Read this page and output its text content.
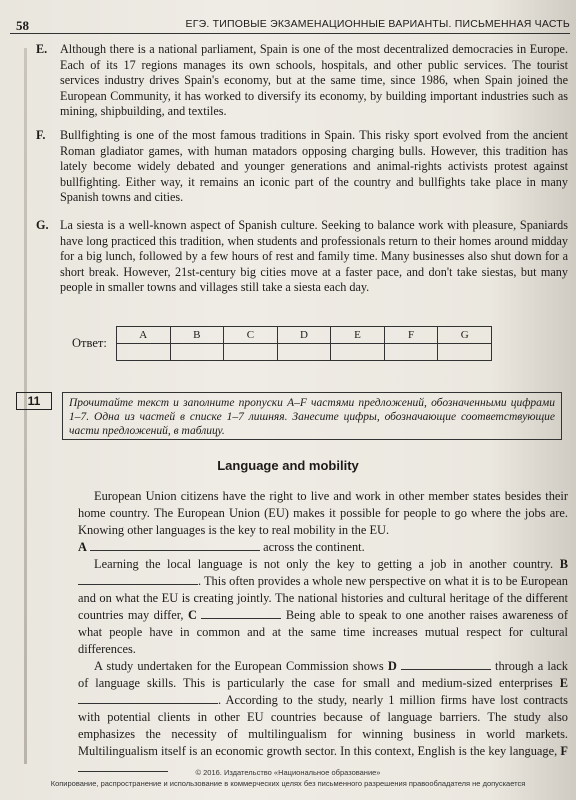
58	ЕГЭ. ТИПОВЫЕ ЭКЗАМЕНАЦИОННЫЕ ВАРИАНТЫ. ПИСЬМЕННАЯ ЧАСТЬ
E. Although there is a national parliament, Spain is one of the most decentralized democracies in Europe. Each of its 17 regions manages its own schools, hospitals, and other public services. The tourist services industry drives Spain's economy, but at the same time, since 1986, when Spain joined the European Community, it has worked to diversify its economy, by building important industries such as mining, shipbuilding, and textiles.
F. Bullfighting is one of the most famous traditions in Spain. This risky sport evolved from the ancient Roman gladiator games, with human matadors opposing charging bulls. However, this tradition has lately become widely debated and younger generations and animal-rights activists protest against bullfighting. Either way, it remains an iconic part of the country and bullfights take place in many Spanish towns and cities.
G. La siesta is a well-known aspect of Spanish culture. Seeking to balance work with pleasure, Spaniards have long practiced this tradition, when students and professionals return to their homes around midday for a big lunch, followed by a few hours of rest and family time. Many businesses also shut down for a short break. However, 21st-century big cities move at a faster pace, and don't take siestas, but many people in smaller towns and villages still take a siesta each day.
Ответ:
A	B	C	D	E	F	G

11	Прочитайте текст и заполните пропуски A–F частями предложений, обозначенными цифрами 1–7. Одна из частей в списке 1–7 лишняя. Занесите цифры, обозначающие соответствующие части предложений, в таблицу.
Language and mobility
European Union citizens have the right to live and work in other member states besides their home country. The European Union (EU) makes it possible for people to go where the jobs are. Knowing other languages is the key to real mobility in the EU.
A	across the continent.
Learning the local language is not only the key to getting a job in another country. B . This often provides a whole new perspective on what it is to be European and on what the EU is creating jointly. The national histories and cultural heritage of the different countries may differ, C	Being able to speak to one another raises awareness of what people have in common and at the same time increases mutual respect for cultural differences.
A study undertaken for the European Commission shows D	through a lack of language skills. This is particularly the case for small and medium-sized enterprises E . According to the study, nearly 1 million firms have lost contracts with potential clients in other EU countries because of language barriers. The study also emphasizes the necessity of multilingualism for winning business in world markets. Multilingualism itself is an economic growth sector. In this context, English is the key language, F
© 2016. Издательство «Национальное образование»
Копирование, распространение и использование в коммерческих целях без письменного разрешения правообладателя не допускается
